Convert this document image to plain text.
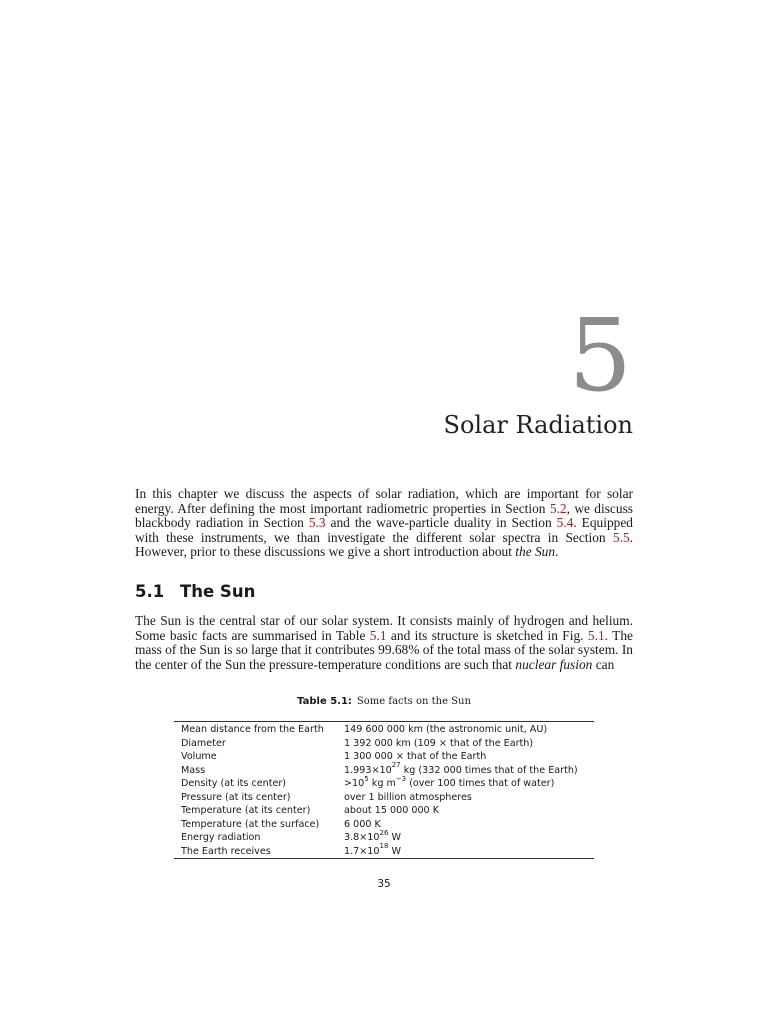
5
Solar Radiation

In this chapter we discuss the aspects of solar radiation, which are important for solar energy. After defining the most important radiometric properties in Section 5.2, we discuss blackbody radiation in Section 5.3 and the wave-particle duality in Section 5.4. Equipped with these instruments, we than investigate the different solar spectra in Section 5.5. However, prior to these discussions we give a short introduction about the Sun.

5.1 The Sun

The Sun is the central star of our solar system. It consists mainly of hydrogen and helium. Some basic facts are summarised in Table 5.1 and its structure is sketched in Fig. 5.1. The mass of the Sun is so large that it contributes 99.68% of the total mass of the solar system. In the center of the Sun the pressure-temperature conditions are such that nuclear fusion can

Table 5.1: Some facts on the Sun

Mean distance from the Earth	149 600 000 km (the astronomic unit, AU)
Diameter	1 392 000 km (109 × that of the Earth)
Volume	1 300 000 × that of the Earth
Mass	$1.993\times 10^{27}$ kg (332 000 times that of the Earth)
Density (at its center)	$>10^5$ kg $m^{-3}$ (over 100 times that of water)
Pressure (at its center)	over 1 billion atmospheres
Temperature (at its center)	about 15 000 000 K
Temperature (at the surface)	6 000 K
Energy radiation	$3.8\times 10^{26}$ W
The Earth receives	$1.7\times 10^{18}$ W
35
